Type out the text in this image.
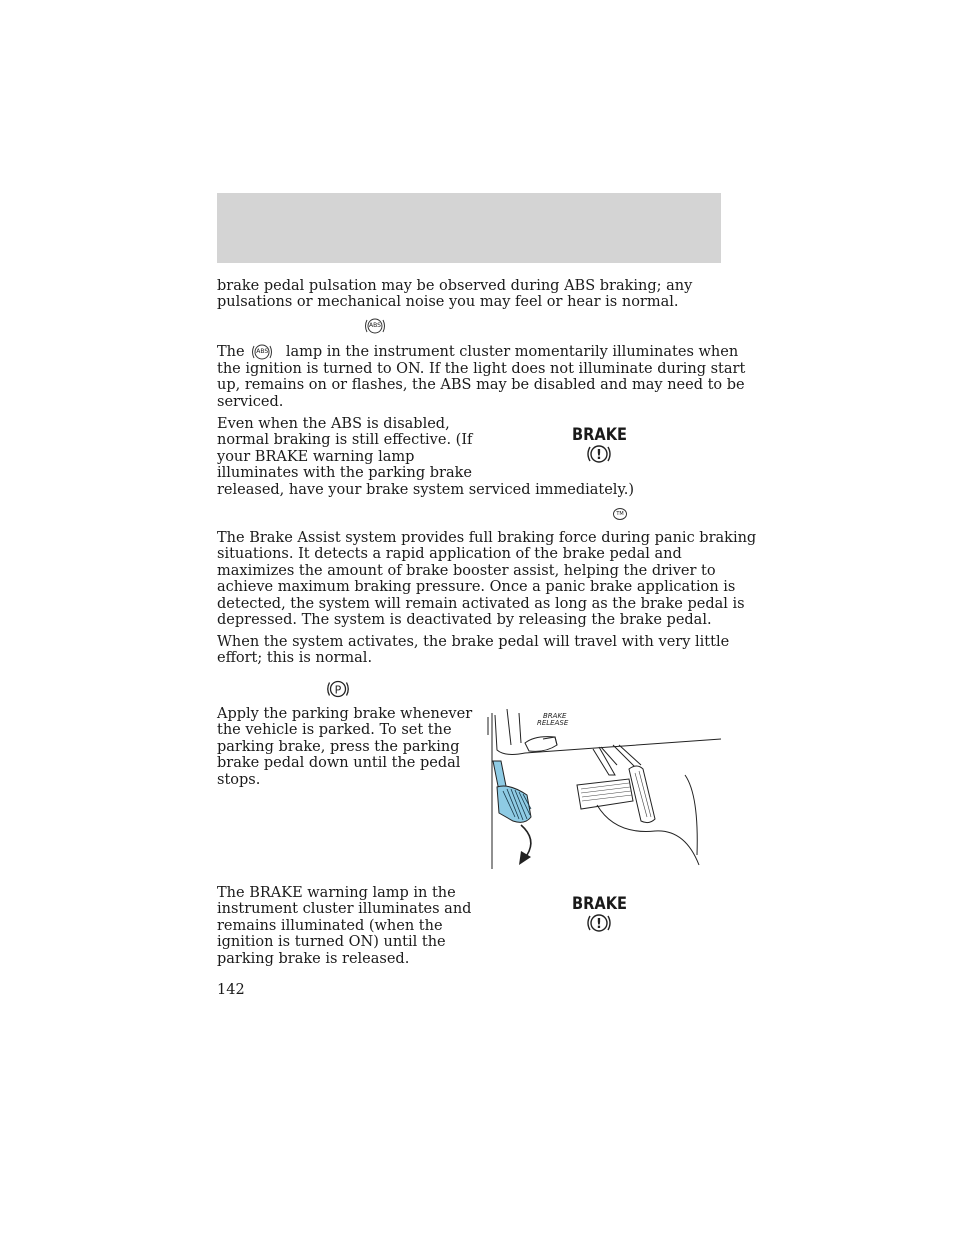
brake pedal pulsation may be observed during ABS braking; any
pulsations or mechanical noise you may feel or hear is normal.

ABS

The	ABS	lamp in the instrument cluster momentarily illuminates when
the ignition is turned to ON. If the light does not illuminate during start
up, remains on or flashes, the ABS may be disabled and may need to be
serviced.

Even when the ABS is disabled,
normal braking is still effective. (If
your BRAKE warning lamp
illuminates with the parking brake
released, have your brake system serviced immediately.)

BRAKE
!
TM

The Brake Assist system provides full braking force during panic braking
situations. It detects a rapid application of the brake pedal and
maximizes the amount of brake booster assist, helping the driver to
achieve maximum braking pressure. Once a panic brake application is
detected, the system will remain activated as long as the brake pedal is
depressed. The system is deactivated by releasing the brake pedal.

When the system activates, the brake pedal will travel with very little
effort; this is normal.

P

Apply the parking brake whenever
the vehicle is parked. To set the
parking brake, press the parking
brake pedal down until the pedal
stops.

BRAKE
RELEASE

The BRAKE warning lamp in the
instrument cluster illuminates and
remains illuminated (when the
ignition is turned ON) until the
parking brake is released.

BRAKE
!
142
